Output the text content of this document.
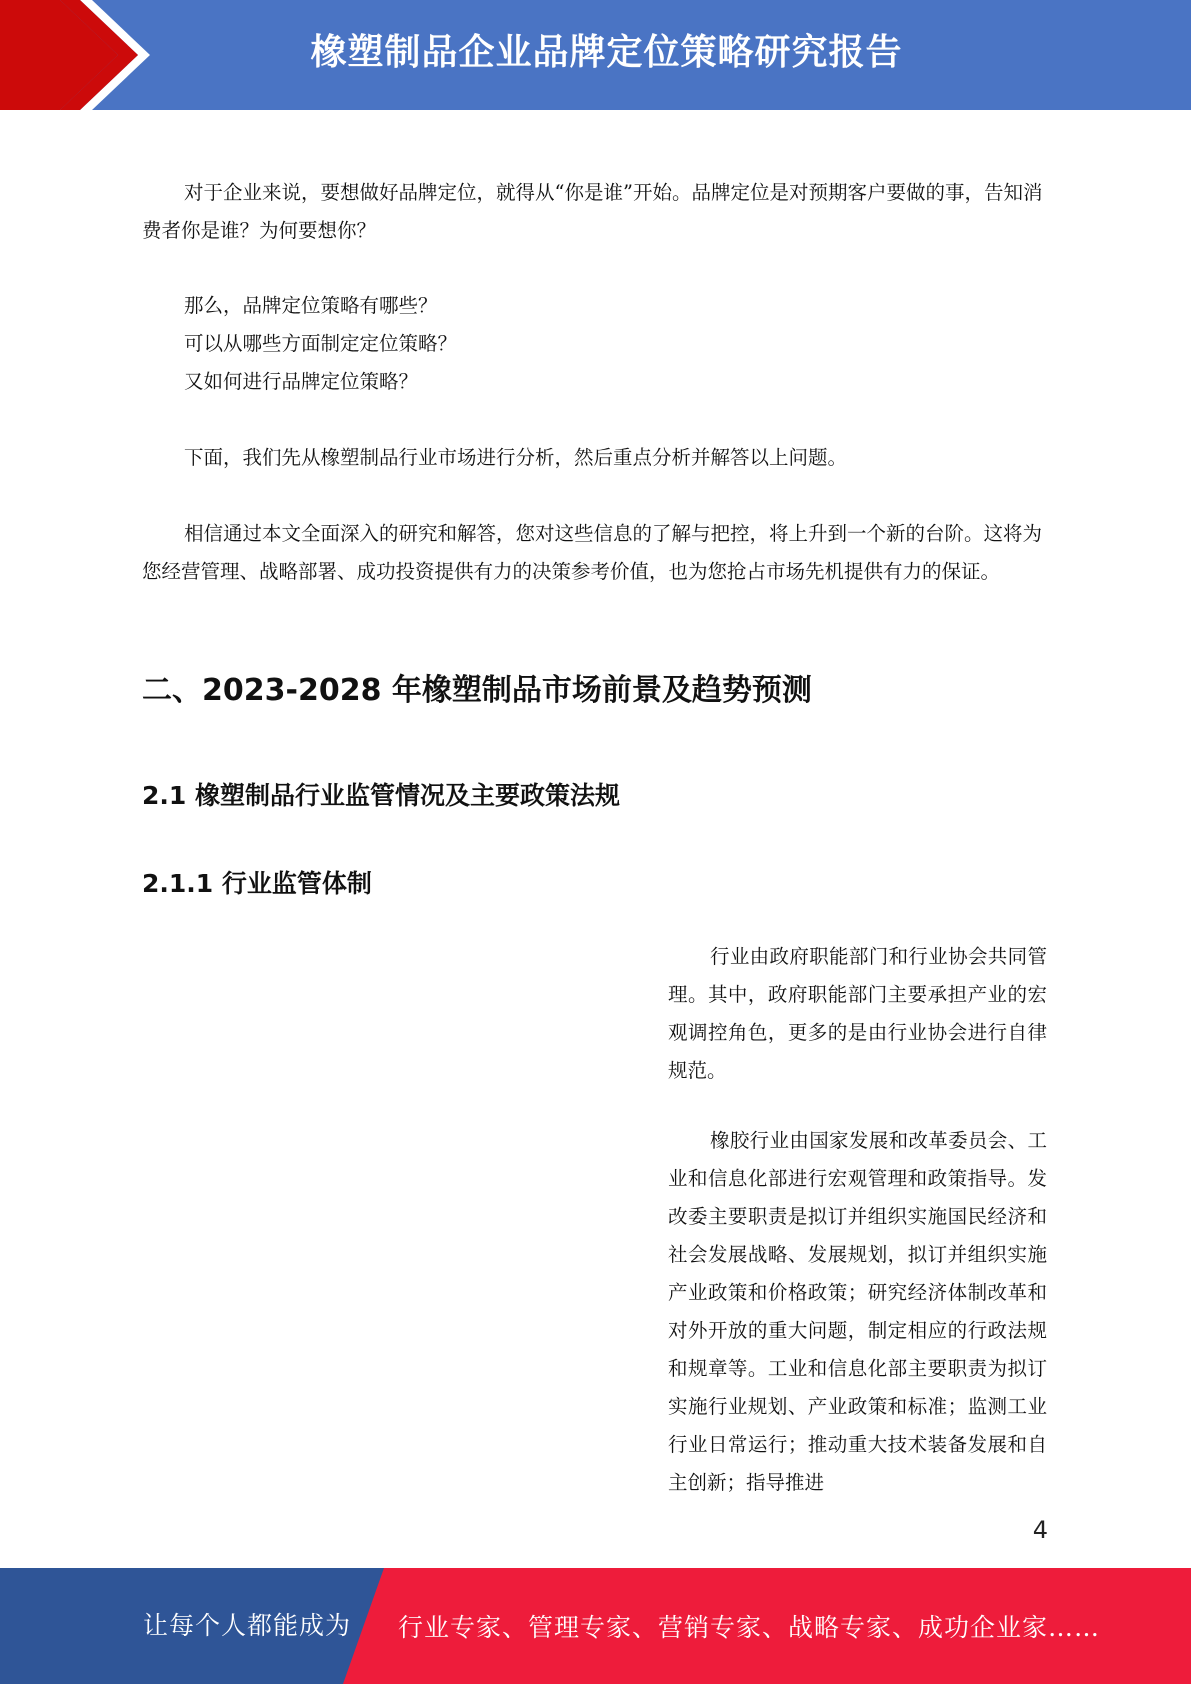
橡塑制品企业品牌定位策略研究报告

对于企业来说，要想做好品牌定位，就得从“你是谁”开始。品牌定位是对预期客户要做的事，告知消费者你是谁？为何要想你？

那么，品牌定位策略有哪些？

可以从哪些方面制定定位策略？

又如何进行品牌定位策略？

下面，我们先从橡塑制品行业市场进行分析，然后重点分析并解答以上问题。

相信通过本文全面深入的研究和解答，您对这些信息的了解与把控，将上升到一个新的台阶。这将为您经营管理、战略部署、成功投资提供有力的决策参考价值，也为您抢占市场先机提供有力的保证。

二、2023-2028 年橡塑制品市场前景及趋势预测
2.1 橡塑制品行业监管情况及主要政策法规
2.1.1 行业监管体制

行业由政府职能部门和行业协会共同管理。其中，政府职能部门主要承担产业的宏观调控角色，更多的是由行业协会进行自律规范。

橡胶行业由国家发展和改革委员会、工业和信息化部进行宏观管理和政策指导。发改委主要职责是拟订并组织实施国民经济和社会发展战略、发展规划，拟订并组织实施产业政策和价格政策；研究经济体制改革和对外开放的重大问题，制定相应的行政法规和规章等。工业和信息化部主要职责为拟订实施行业规划、产业政策和标准；监测工业行业日常运行；推动重大技术装备发展和自主创新；指导推进

4
让每个人都能成为 行业专家、管理专家、营销专家、战略专家、成功企业家……
